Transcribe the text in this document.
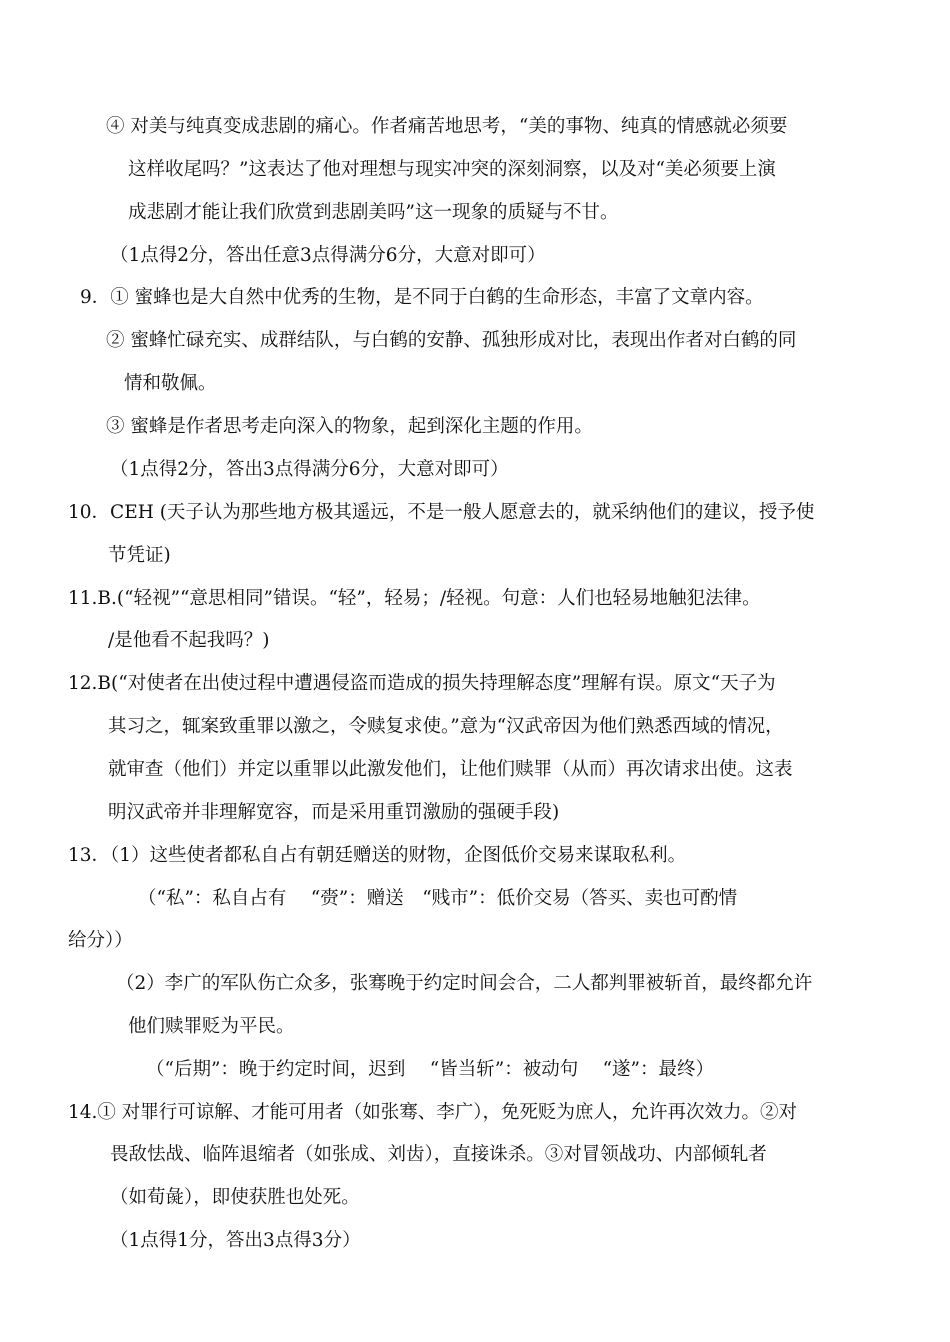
④ 对美与纯真变成悲剧的痛心。作者痛苦地思考，“美的事物、纯真的情感就必须要
这样收尾吗？”这表达了他对理想与现实冲突的深刻洞察，以及对“美必须要上演
成悲剧才能让我们欣赏到悲剧美吗”这一现象的质疑与不甘。
（1点得2分，答出任意3点得满分6分，大意对即可）
9．① 蜜蜂也是大自然中优秀的生物，是不同于白鹤的生命形态，丰富了文章内容。
② 蜜蜂忙碌充实、成群结队，与白鹤的安静、孤独形成对比，表现出作者对白鹤的同
情和敬佩。
③ 蜜蜂是作者思考走向深入的物象，起到深化主题的作用。
（1点得2分，答出3点得满分6分，大意对即可）
10．CEH (天子认为那些地方极其遥远，不是一般人愿意去的，就采纳他们的建议，授予使
节凭证)
11.B.(“轻视”“意思相同”错误。“轻”，轻易；/轻视。句意：人们也轻易地触犯法律。
/是他看不起我吗？)
12.B(“对使者在出使过程中遭遇侵盗而造成的损失持理解态度”理解有误。原文“天子为
其习之，辄案致重罪以激之，令赎复求使。”意为“汉武帝因为他们熟悉西域的情况，
就审查（他们）并定以重罪以此激发他们，让他们赎罪（从而）再次请求出使。这表
明汉武帝并非理解宽容，而是采用重罚激励的强硬手段)
13．（1）这些使者都私自占有朝廷赠送的财物，企图低价交易来谋取私利。
（“私”：私自占有　 “赍”：赠送　“贱市”：低价交易（答买、卖也可酌情
给分））
（2）李广的军队伤亡众多，张骞晚于约定时间会合，二人都判罪被斩首，最终都允许
他们赎罪贬为平民。
（“后期”：晚于约定时间，迟到　 “皆当斩”：被动句　 “遂”：最终）
14.① 对罪行可谅解、才能可用者（如张骞、李广），免死贬为庶人，允许再次效力。②对
畏敌怯战、临阵退缩者（如张成、刘齿），直接诛杀。③对冒领战功、内部倾轧者
（如荀彘），即使获胜也处死。
（1点得1分，答出3点得3分）
